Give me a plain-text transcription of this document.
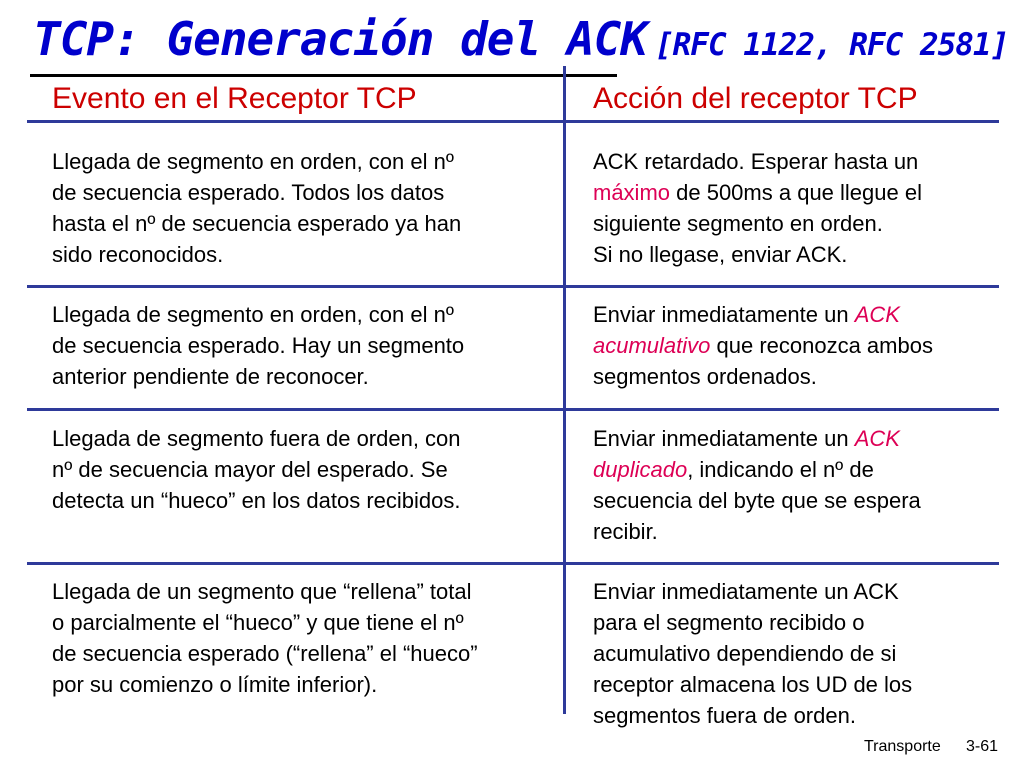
TCP: Generación del ACK [RFC 1122, RFC 2581]
Evento en el Receptor TCP	Acción del receptor TCP

Llegada de segmento en orden, con el nº
de secuencia esperado. Todos los datos
hasta el nº de secuencia esperado ya han
sido reconocidos.

ACK retardado. Esperar hasta un
máximo de 500ms a que llegue el
siguiente segmento en orden.
Si no llegase, enviar ACK.

Llegada de segmento en orden, con el nº
de secuencia esperado. Hay un segmento
anterior pendiente de reconocer.

Enviar inmediatamente un ACK
acumulativo que reconozca ambos
segmentos ordenados.

Llegada de segmento fuera de orden, con
nº de secuencia mayor del esperado. Se
detecta un “hueco” en los datos recibidos.

Enviar inmediatamente un ACK
duplicado, indicando el nº de
secuencia del byte que se espera
recibir.

Llegada de un segmento que “rellena” total
o parcialmente el “hueco” y que tiene el nº
de secuencia esperado (“rellena” el “hueco”
por su comienzo o límite inferior).

Enviar inmediatamente un ACK
para el segmento recibido o
acumulativo dependiendo de si
receptor almacena los UD de los
segmentos fuera de orden.

Transporte 3-61
